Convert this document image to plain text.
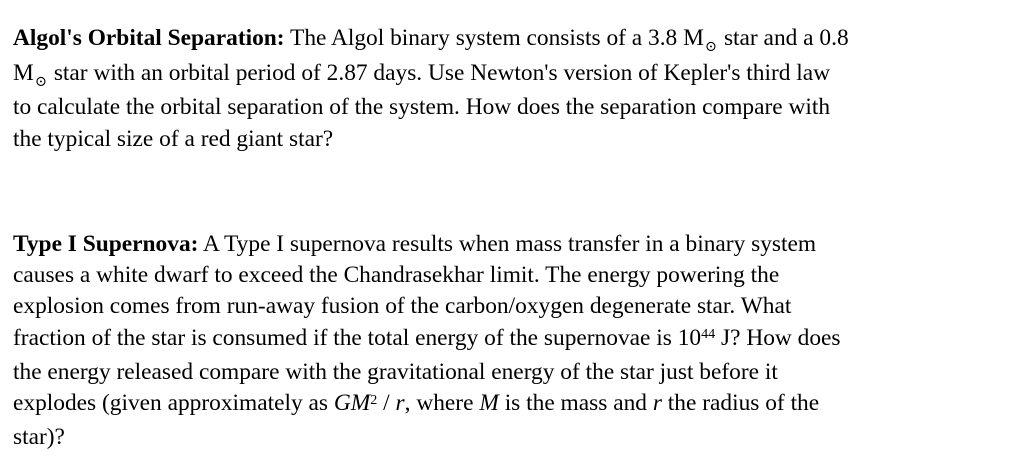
Algol's Orbital Separation: The Algol binary system consists of a 3.8 $M_⊙$ star and a 0.8
$M_⊙$ star with an orbital period of 2.87 days. Use Newton's version of Kepler's third law
to calculate the orbital separation of the system. How does the separation compare with
the typical size of a red giant star?
Type I Supernova: A Type I supernova results when mass transfer in a binary system
causes a white dwarf to exceed the Chandrasekhar limit. The energy powering the
explosion comes from run-away fusion of the carbon/oxygen degenerate star. What
fraction of the star is consumed if the total energy of the supernovae is $10^{44}$ J? How does
the energy released compare with the gravitational energy of the star just before it
explodes (given approximately as $GM^2$ / r, where M is the mass and r the radius of the
star)?
